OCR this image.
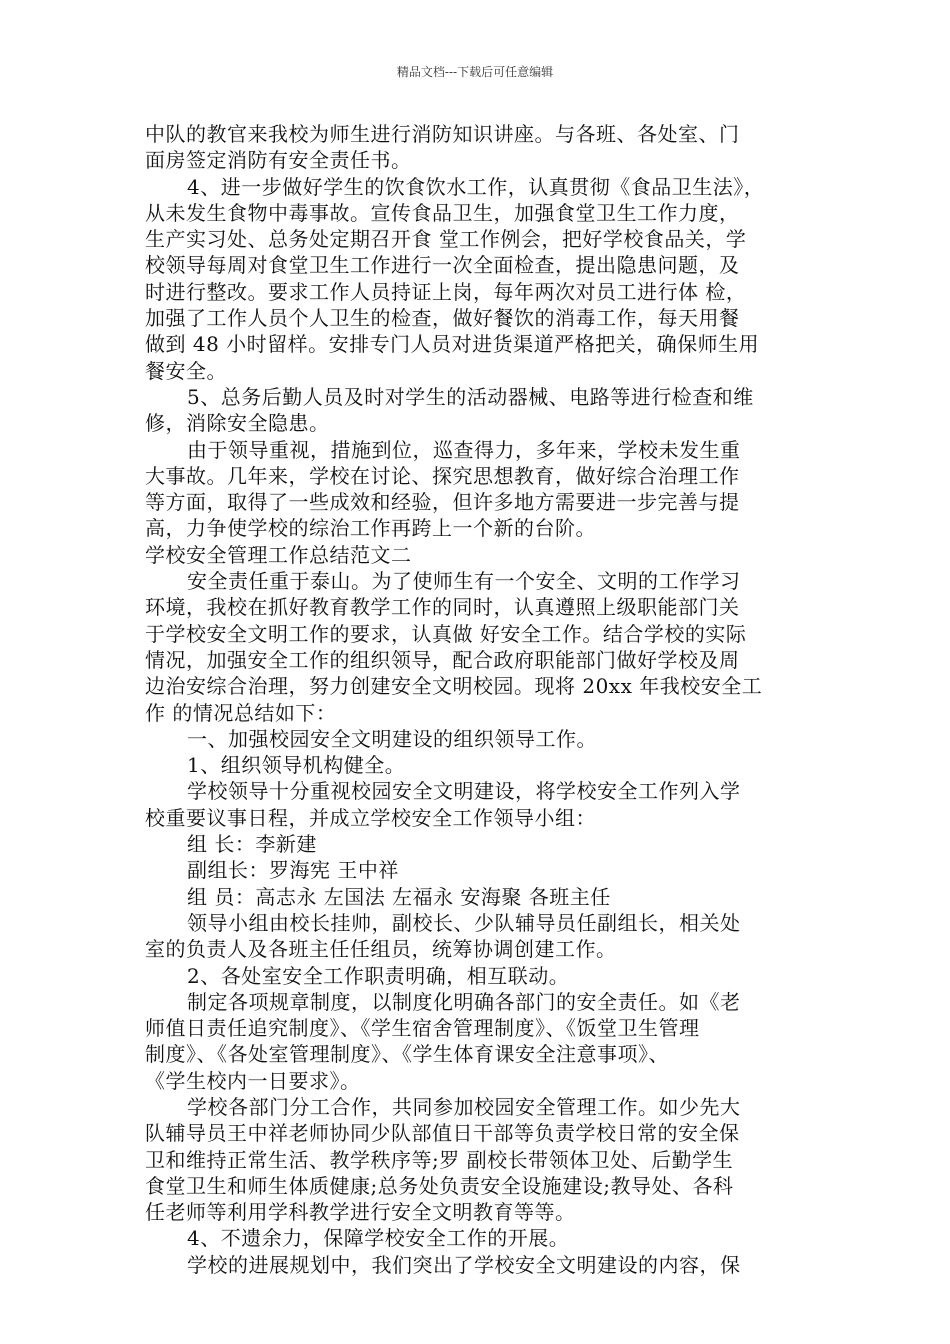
精品文档---下载后可任意编辑
中队的教官来我校为师生进行消防知识讲座。与各班、各处室、门
面房签定消防有安全责任书。
4、进一步做好学生的饮食饮水工作，认真贯彻《食品卫生法》，
从未发生食物中毒事故。宣传食品卫生，加强食堂卫生工作力度，
生产实习处、总务处定期召开食 堂工作例会，把好学校食品关，学
校领导每周对食堂卫生工作进行一次全面检查，提出隐患问题，及
时进行整改。要求工作人员持证上岗，每年两次对员工进行体 检，
加强了工作人员个人卫生的检查，做好餐饮的消毒工作，每天用餐
做到 48 小时留样。安排专门人员对进货渠道严格把关，确保师生用
餐安全。
5、总务后勤人员及时对学生的活动器械、电路等进行检查和维
修，消除安全隐患。
由于领导重视，措施到位，巡查得力，多年来，学校未发生重
大事故。几年来，学校在讨论、探究思想教育，做好综合治理工作
等方面，取得了一些成效和经验，但许多地方需要进一步完善与提
高，力争使学校的综治工作再跨上一个新的台阶。
学校安全管理工作总结范文二
安全责任重于泰山。为了使师生有一个安全、文明的工作学习
环境，我校在抓好教育教学工作的同时，认真遵照上级职能部门关
于学校安全文明工作的要求，认真做 好安全工作。结合学校的实际
情况，加强安全工作的组织领导，配合政府职能部门做好学校及周
边治安综合治理，努力创建安全文明校园。现将 20xx 年我校安全工
作 的情况总结如下：
一、加强校园安全文明建设的组织领导工作。
1、组织领导机构健全。
学校领导十分重视校园安全文明建设，将学校安全工作列入学
校重要议事日程，并成立学校安全工作领导小组：
组 长：李新建
副组长：罗海宪 王中祥
组 员：高志永 左国法 左福永 安海聚 各班主任
领导小组由校长挂帅，副校长、少队辅导员任副组长，相关处
室的负责人及各班主任任组员，统筹协调创建工作。
2、各处室安全工作职责明确，相互联动。
制定各项规章制度，以制度化明确各部门的安全责任。如《老
师值日责任追究制度》、《学生宿舍管理制度》、《饭堂卫生管理
制度》、《各处室管理制度》、《学生体育课安全注意事项》、
《学生校内一日要求》。
学校各部门分工合作，共同参加校园安全管理工作。如少先大
队辅导员王中祥老师协同少队部值日干部等负责学校日常的安全保
卫和维持正常生活、教学秩序等;罗 副校长带领体卫处、后勤学生
食堂卫生和师生体质健康;总务处负责安全设施建设;教导处、各科
任老师等利用学科教学进行安全文明教育等等。
4、不遗余力，保障学校安全工作的开展。
学校的进展规划中，我们突出了学校安全文明建设的内容，保
